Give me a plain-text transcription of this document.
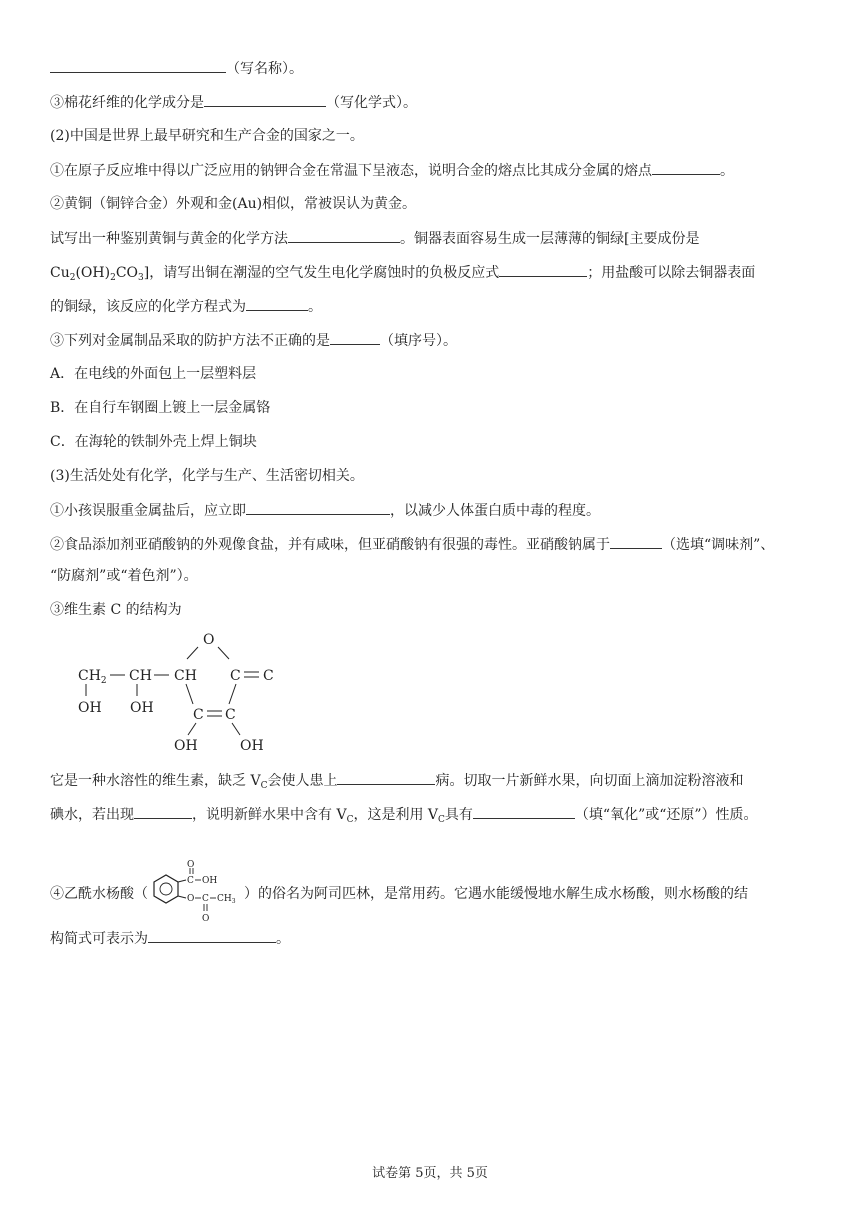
（写名称）。
③棉花纤维的化学成分是	（写化学式）。
(2)中国是世界上最早研究和生产合金的国家之一。
①在原子反应堆中得以广泛应用的钠钾合金在常温下呈液态，说明合金的熔点比其成分金属的熔点	。
②黄铜（铜锌合金）外观和金(Au)相似，常被误认为黄金。
试写出一种鉴别黄铜与黄金的化学方法	。铜器表面容易生成一层薄薄的铜绿[主要成份是
$Cu_2(OH)_2CO_3$]，请写出铜在潮湿的空气发生电化学腐蚀时的负极反应式	；用盐酸可以除去铜器表面
的铜绿，该反应的化学方程式为	。
③下列对金属制品采取的防护方法不正确的是	（填序号）。
A．在电线的外面包上一层塑料层
B．在自行车钢圈上镀上一层金属铬
C．在海轮的铁制外壳上焊上铜块
(3)生活处处有化学，化学与生产、生活密切相关。
①小孩误服重金属盐后，应立即	，以减少人体蛋白质中毒的程度。
②食品添加剂亚硝酸钠的外观像食盐，并有咸味，但亚硝酸钠有很强的毒性。亚硝酸钠属于	（选填“调味剂”、
“防腐剂”或“着色剂”）。
③维生素 C 的结构为
O
$CH_2$ CH CH C C
OH OH	C C
OH	OH
它是一种水溶性的维生素，缺乏 $V_C$会使人患上	病。切取一片新鲜水果，向切面上滴加淀粉溶液和
碘水，若出现	，说明新鲜水果中含有 $V_C$，这是利用 $V_C$具有	（填“氧化”或“还原”）性质。
④乙酰水杨酸（
C
O
OH
O C $CH_3$
O
）的俗名为阿司匹林，是常用药。它遇水能缓慢地水解生成水杨酸，则水杨酸的结
构简式可表示为	。
试卷第 5页，共 5页
